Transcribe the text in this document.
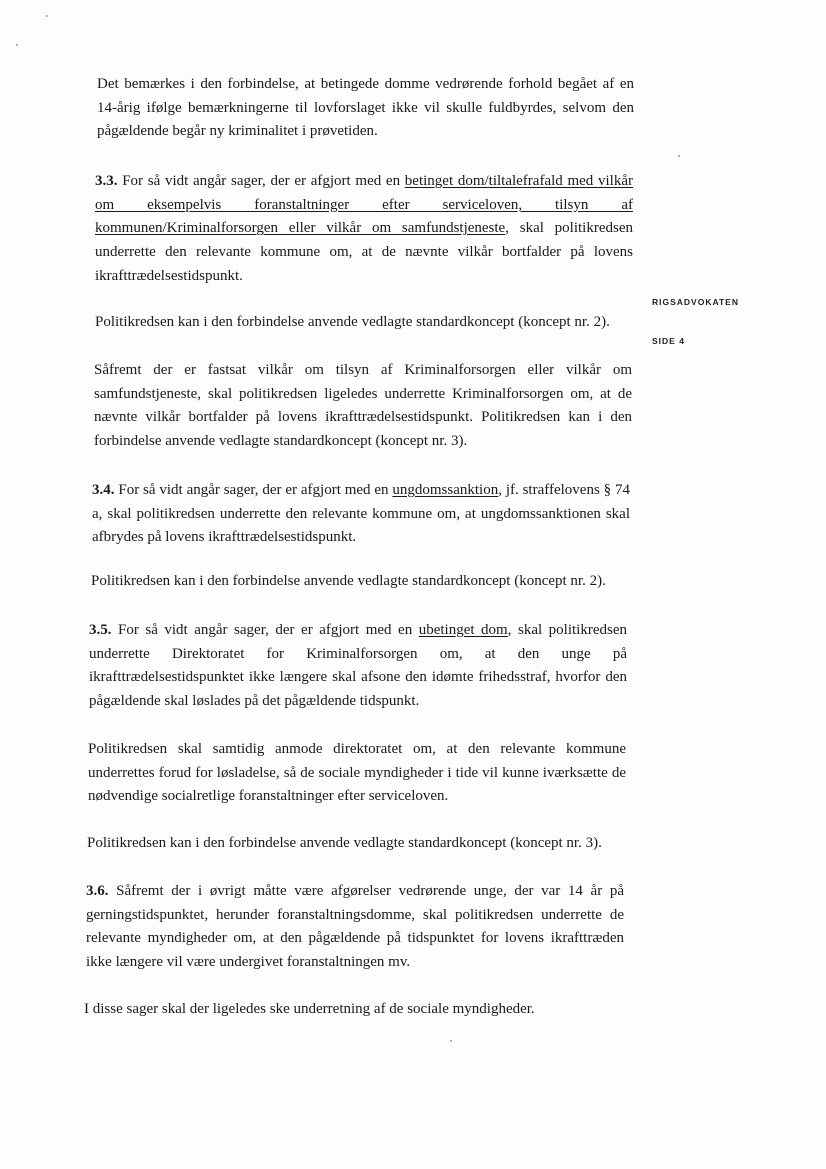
RIGSADVOKATEN
SIDE 4

Det bemærkes i den forbindelse, at betingede domme vedrørende forhold begået af en 14-årig ifølge bemærkningerne til lovforslaget ikke vil skulle fuldbyrdes, selvom den pågældende begår ny kriminalitet i prøvetiden.

3.3. For så vidt angår sager, der er afgjort med en betinget dom/tiltalefrafald med vilkår om eksempelvis foranstaltninger efter serviceloven, tilsyn af kommunen/Kriminalforsorgen eller vilkår om samfundstjeneste, skal politikredsen underrette den relevante kommune om, at de nævnte vilkår bortfalder på lovens ikrafttrædelsestidspunkt.

Politikredsen kan i den forbindelse anvende vedlagte standardkoncept (koncept nr. 2).

Såfremt der er fastsat vilkår om tilsyn af Kriminalforsorgen eller vilkår om samfundstjeneste, skal politikredsen ligeledes underrette Kriminalforsorgen om, at de nævnte vilkår bortfalder på lovens ikrafttrædelsestidspunkt. Politikredsen kan i den forbindelse anvende vedlagte standardkoncept (koncept nr. 3).

3.4. For så vidt angår sager, der er afgjort med en ungdomssanktion, jf. straffelovens § 74 a, skal politikredsen underrette den relevante kommune om, at ungdomssanktionen skal afbrydes på lovens ikrafttrædelsestidspunkt.

Politikredsen kan i den forbindelse anvende vedlagte standardkoncept (koncept nr. 2).

3.5. For så vidt angår sager, der er afgjort med en ubetinget dom, skal politikredsen underrette Direktoratet for Kriminalforsorgen om, at den unge på ikrafttrædelsestidspunktet ikke længere skal afsone den idømte frihedsstraf, hvorfor den pågældende skal løslades på det pågældende tidspunkt.

Politikredsen skal samtidig anmode direktoratet om, at den relevante kommune underrettes forud for løsladelse, så de sociale myndigheder i tide vil kunne iværksætte de nødvendige socialretlige foranstaltninger efter serviceloven.

Politikredsen kan i den forbindelse anvende vedlagte standardkoncept (koncept nr. 3).

3.6. Såfremt der i øvrigt måtte være afgørelser vedrørende unge, der var 14 år på gerningstidspunktet, herunder foranstaltningsdomme, skal politikredsen underrette de relevante myndigheder om, at den pågældende på tidspunktet for lovens ikrafttræden ikke længere vil være undergivet foranstaltningen mv.

I disse sager skal der ligeledes ske underretning af de sociale myndigheder.
